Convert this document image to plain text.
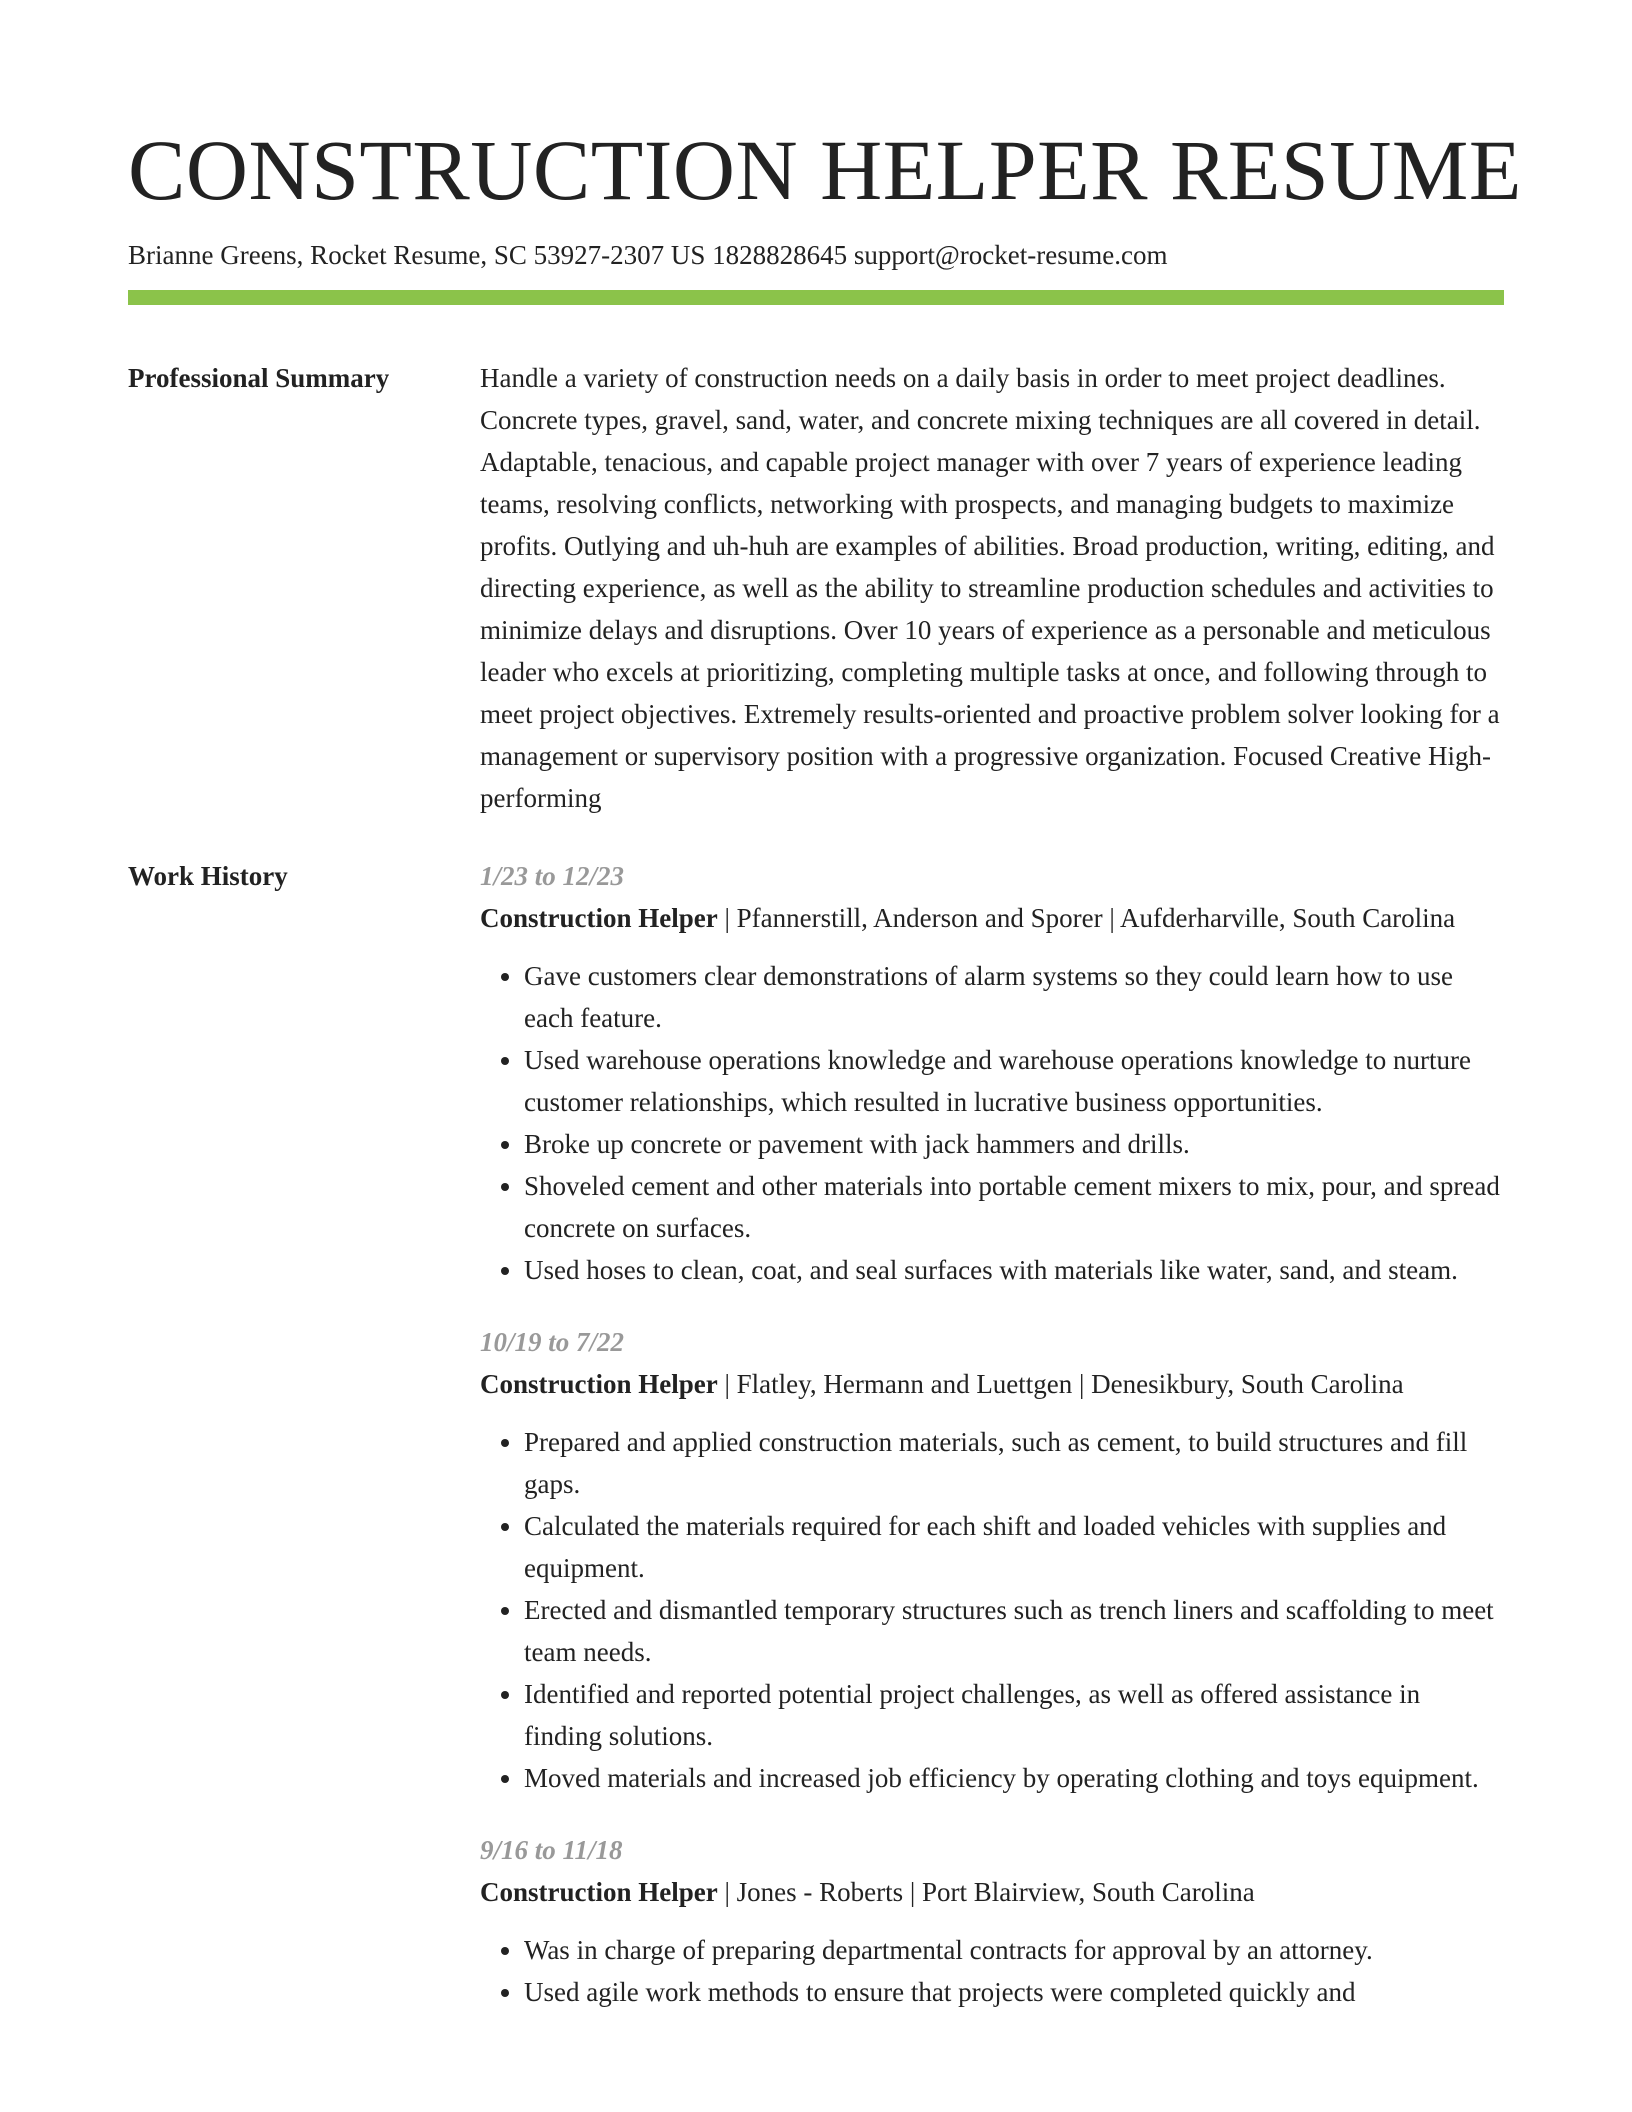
CONSTRUCTION HELPER RESUME
Brianne Greens, Rocket Resume, SC 53927-2307 US 1828828645 support@rocket-resume.com
Professional Summary	Handle a variety of construction needs on a daily basis in order to meet project deadlines. Concrete types, gravel, sand, water, and concrete mixing techniques are all covered in detail. Adaptable, tenacious, and capable project manager with over 7 years of experience leading teams, resolving conflicts, networking with prospects, and managing budgets to maximize profits. Outlying and uh-huh are examples of abilities. Broad production, writing, editing, and directing experience, as well as the ability to streamline production schedules and activities to minimize delays and disruptions. Over 10 years of experience as a personable and meticulous leader who excels at prioritizing, completing multiple tasks at once, and following through to meet project objectives. Extremely results-oriented and proactive problem solver looking for a management or supervisory position with a progressive organization. Focused Creative High-performing

Work History	1/23 to 12/23
Construction Helper | Pfannerstill, Anderson and Sporer | Aufderharville, South Carolina
• Gave customers clear demonstrations of alarm systems so they could learn how to use each feature.
• Used warehouse operations knowledge and warehouse operations knowledge to nurture customer relationships, which resulted in lucrative business opportunities.
• Broke up concrete or pavement with jack hammers and drills.
• Shoveled cement and other materials into portable cement mixers to mix, pour, and spread concrete on surfaces.
• Used hoses to clean, coat, and seal surfaces with materials like water, sand, and steam.
10/19 to 7/22
Construction Helper | Flatley, Hermann and Luettgen | Denesikbury, South Carolina
• Prepared and applied construction materials, such as cement, to build structures and fill gaps.
• Calculated the materials required for each shift and loaded vehicles with supplies and equipment.
• Erected and dismantled temporary structures such as trench liners and scaffolding to meet team needs.
• Identified and reported potential project challenges, as well as offered assistance in finding solutions.
• Moved materials and increased job efficiency by operating clothing and toys equipment.
9/16 to 11/18
Construction Helper | Jones - Roberts | Port Blairview, South Carolina
• Was in charge of preparing departmental contracts for approval by an attorney.
• Used agile work methods to ensure that projects were completed quickly and
